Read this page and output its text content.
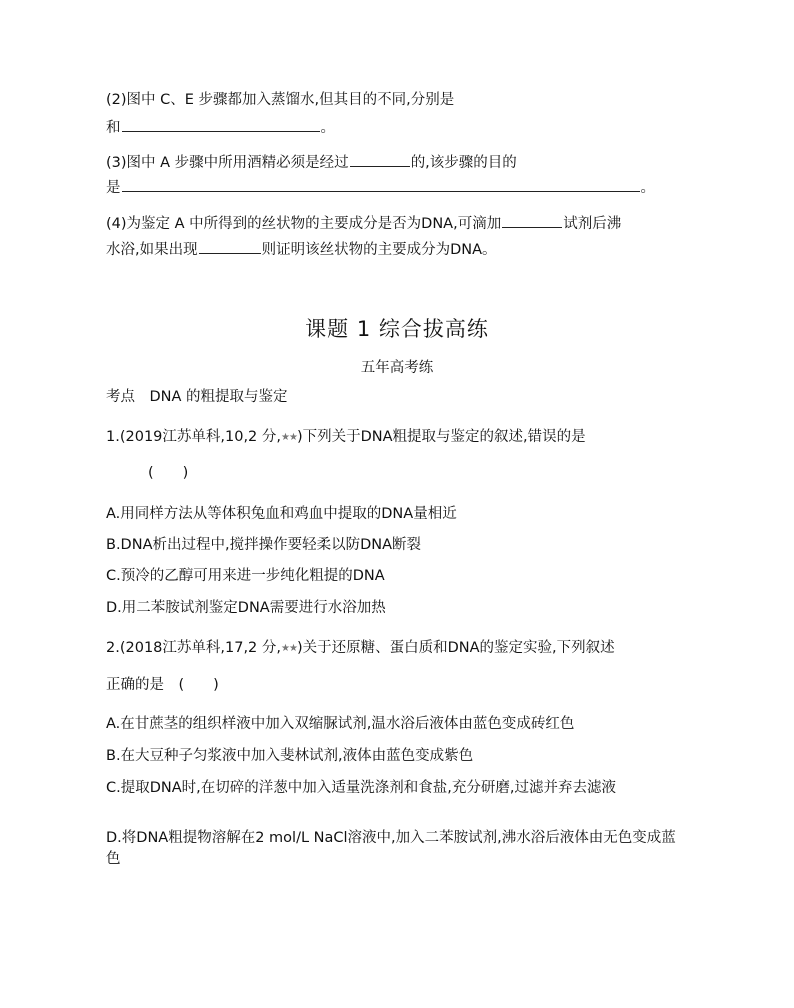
(2)图中 C、E 步骤都加入蒸馏水,但其目的不同,分别是
和	。
(3)图中 A 步骤中所用酒精必须是经过	的,该步骤的目的
是	。
(4)为鉴定 A 中所得到的丝状物的主要成分是否为DNA,可滴加	试剂后沸
水浴,如果出现	则证明该丝状物的主要成分为DNA。
课题 1 综合拔高练
五年高考练
考点　DNA 的粗提取与鉴定
1.(2019江苏单科,10,2 分,★★)下列关于DNA粗提取与鉴定的叙述,错误的是
(　　)
A.用同样方法从等体积兔血和鸡血中提取的DNA量相近
B.DNA析出过程中,搅拌操作要轻柔以防DNA断裂
C.预冷的乙醇可用来进一步纯化粗提的DNA
D.用二苯胺试剂鉴定DNA需要进行水浴加热
2.(2018江苏单科,17,2 分,★★)关于还原糖、蛋白质和DNA的鉴定实验,下列叙述
正确的是　(　　)
A.在甘蔗茎的组织样液中加入双缩脲试剂,温水浴后液体由蓝色变成砖红色
B.在大豆种子匀浆液中加入斐林试剂,液体由蓝色变成紫色
C.提取DNA时,在切碎的洋葱中加入适量洗涤剂和食盐,充分研磨,过滤并弃去滤液
D.将DNA粗提物溶解在2 mol/L NaCl溶液中,加入二苯胺试剂,沸水浴后液体由无色变成蓝色
